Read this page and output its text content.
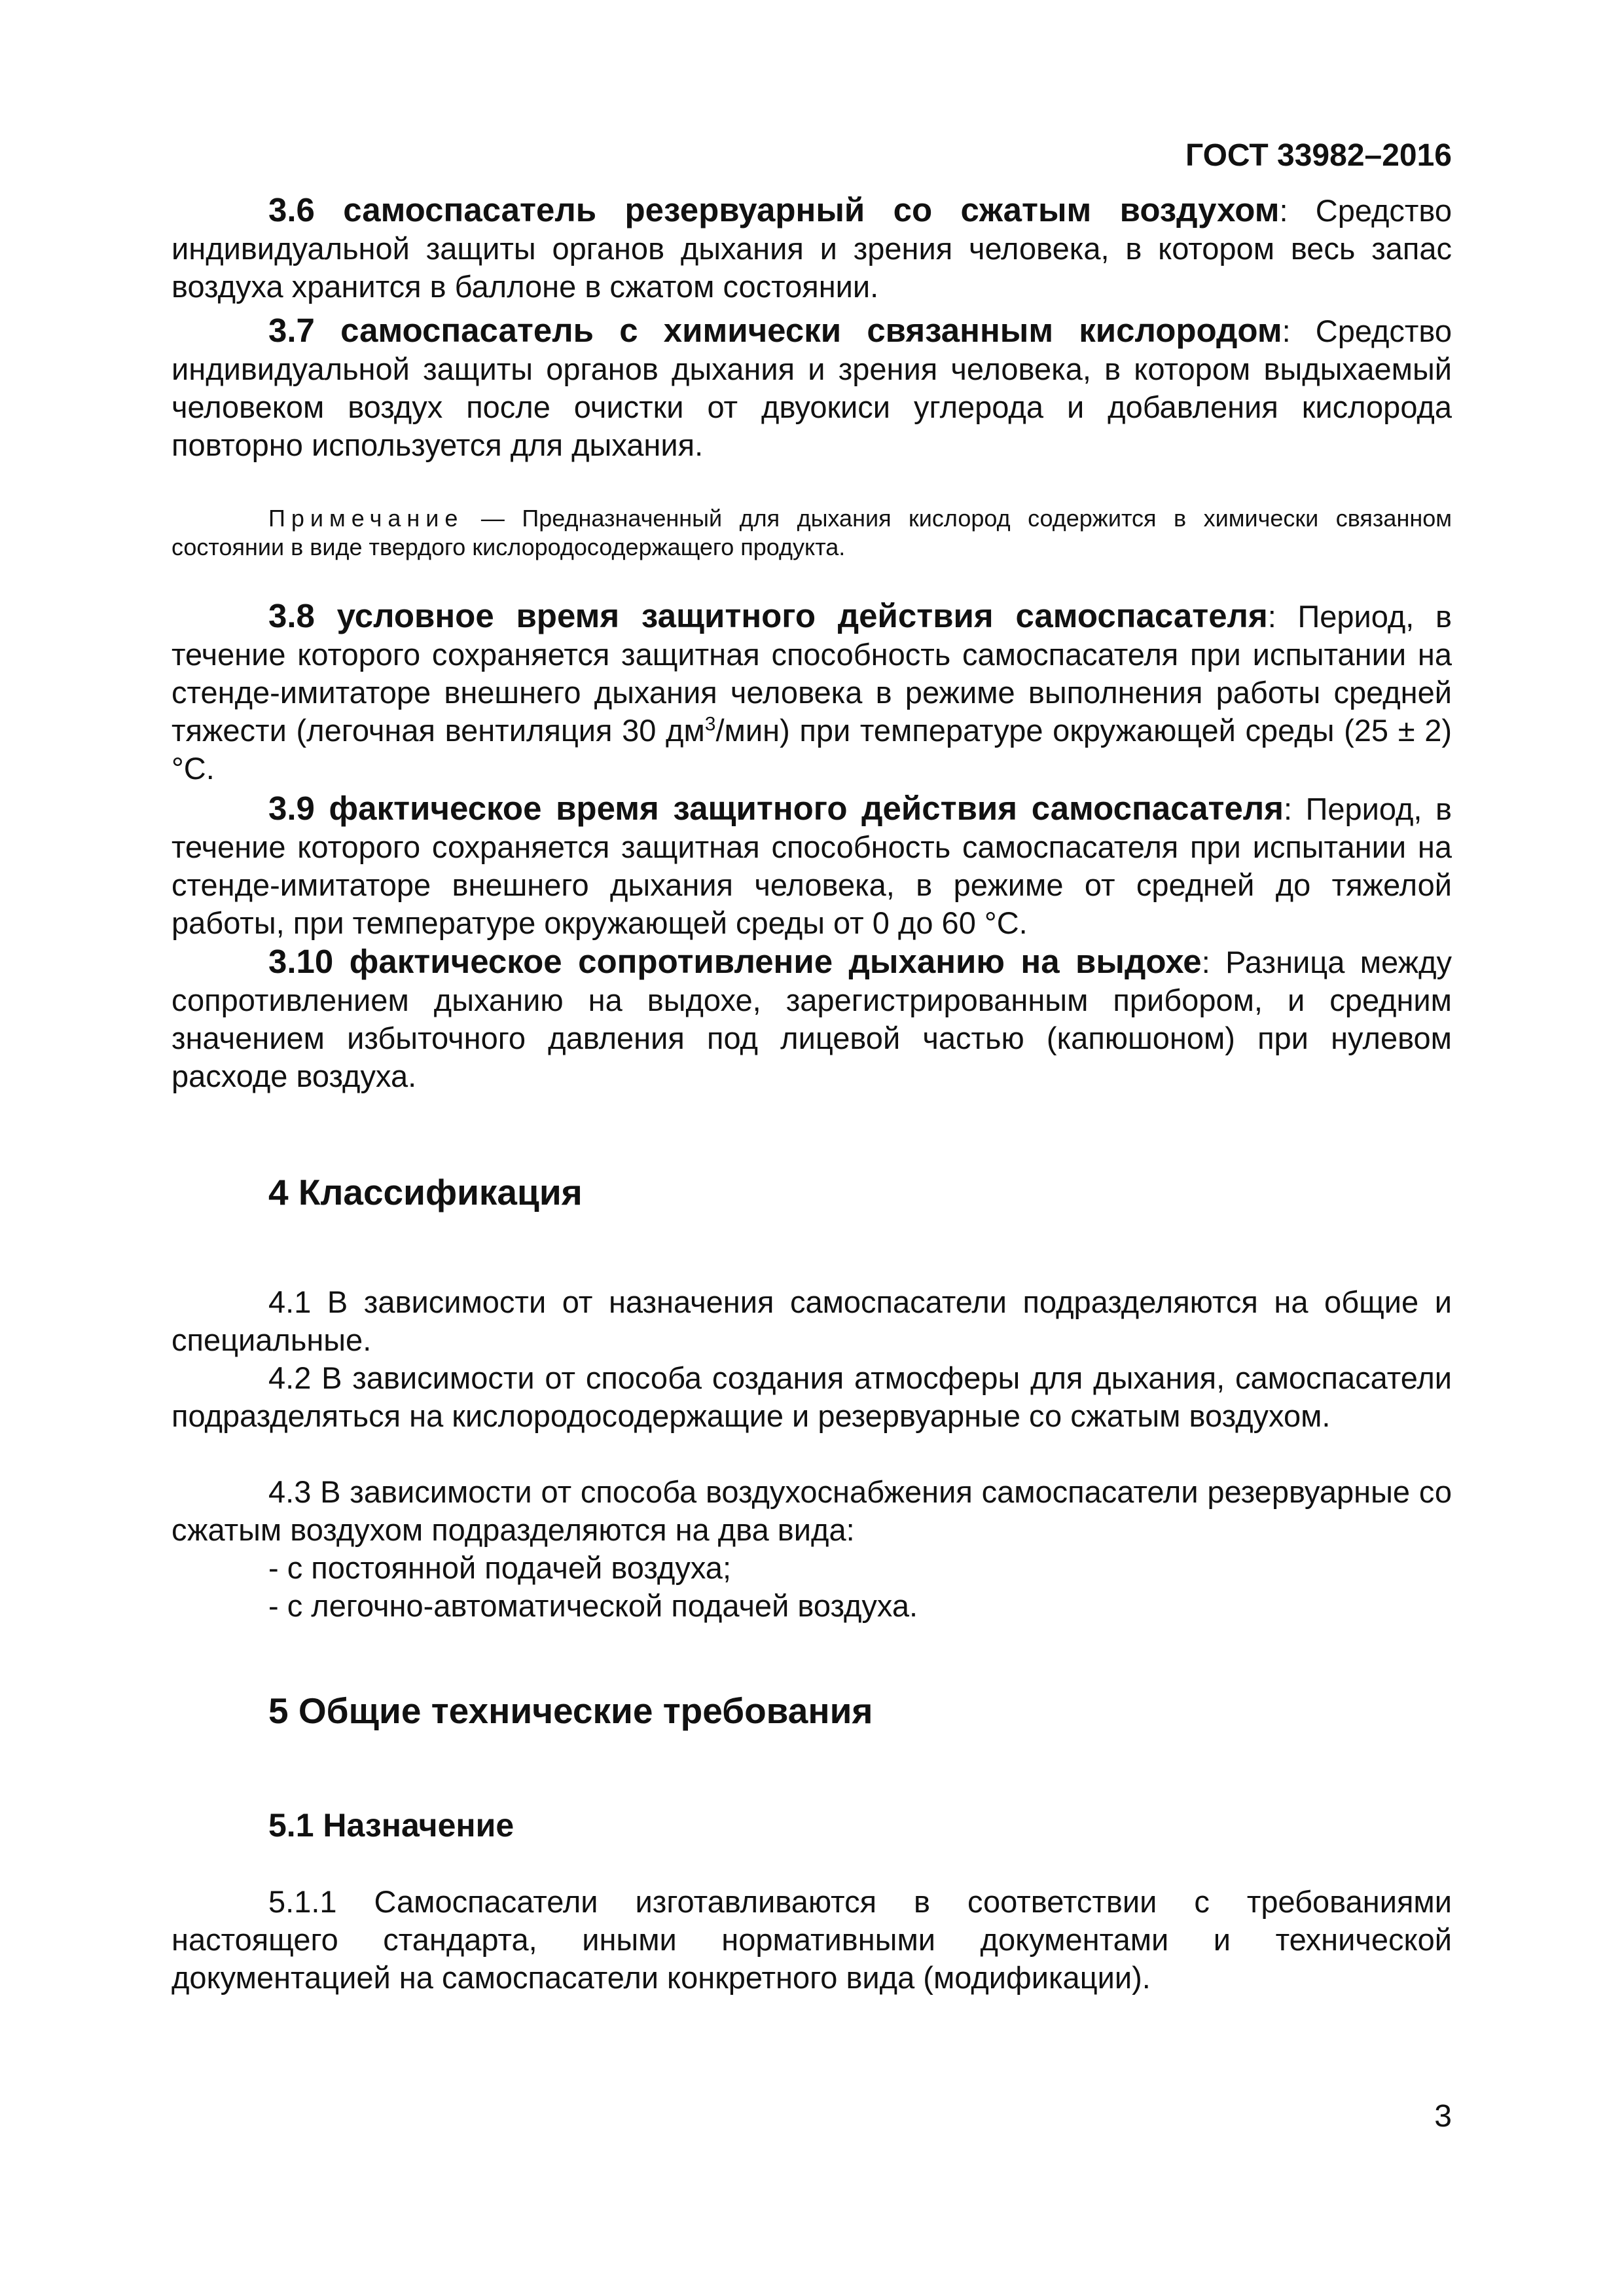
ГОСТ 33982–2016

3.6 самоспасатель резервуарный со сжатым воздухом: Средство индивидуальной защиты органов дыхания и зрения человека, в котором весь запас воздуха хранится в баллоне в сжатом состоянии.

3.7 самоспасатель с химически связанным кислородом: Средство индивидуальной защиты органов дыхания и зрения человека, в котором выдыхаемый человеком воздух после очистки от двуокиси углерода и добавления кислорода повторно используется для дыхания.

Примечание — Предназначенный для дыхания кислород содержится в химически связанном состоянии в виде твердого кислородосодержащего продукта.

3.8 условное время защитного действия самоспасателя: Период, в течение которого сохраняется защитная способность самоспасателя при испытании на стенде-имитаторе внешнего дыхания человека в режиме выполнения работы средней тяжести (легочная вентиляция 30 $дм^3/мин$) при температуре окружающей среды (25 ± 2) °C.

3.9 фактическое время защитного действия самоспасателя: Период, в течение которого сохраняется защитная способность самоспасателя при испытании на стенде-имитаторе внешнего дыхания человека, в режиме от средней до тяжелой работы, при температуре окружающей среды от 0 до 60 °C.

3.10 фактическое сопротивление дыханию на выдохе: Разница между сопротивлением дыханию на выдохе, зарегистрированным прибором, и средним значением избыточного давления под лицевой частью (капюшоном) при нулевом расходе воздуха.

4 Классификация

4.1 В зависимости от назначения самоспасатели подразделяются на общие и специальные.

4.2 В зависимости от способа создания атмосферы для дыхания, самоспасатели подразделяться на кислородосодержащие и резервуарные со сжатым воздухом.

4.3 В зависимости от способа воздухоснабжения самоспасатели резервуарные со сжатым воздухом подразделяются на два вида:

- с постоянной подачей воздуха;
- с легочно-автоматической подачей воздуха.
5 Общие технические требования
5.1 Назначение

5.1.1 Самоспасатели изготавливаются в соответствии с требованиями настоящего стандарта, иными нормативными документами и технической документацией на самоспасатели конкретного вида (модификации).

3
